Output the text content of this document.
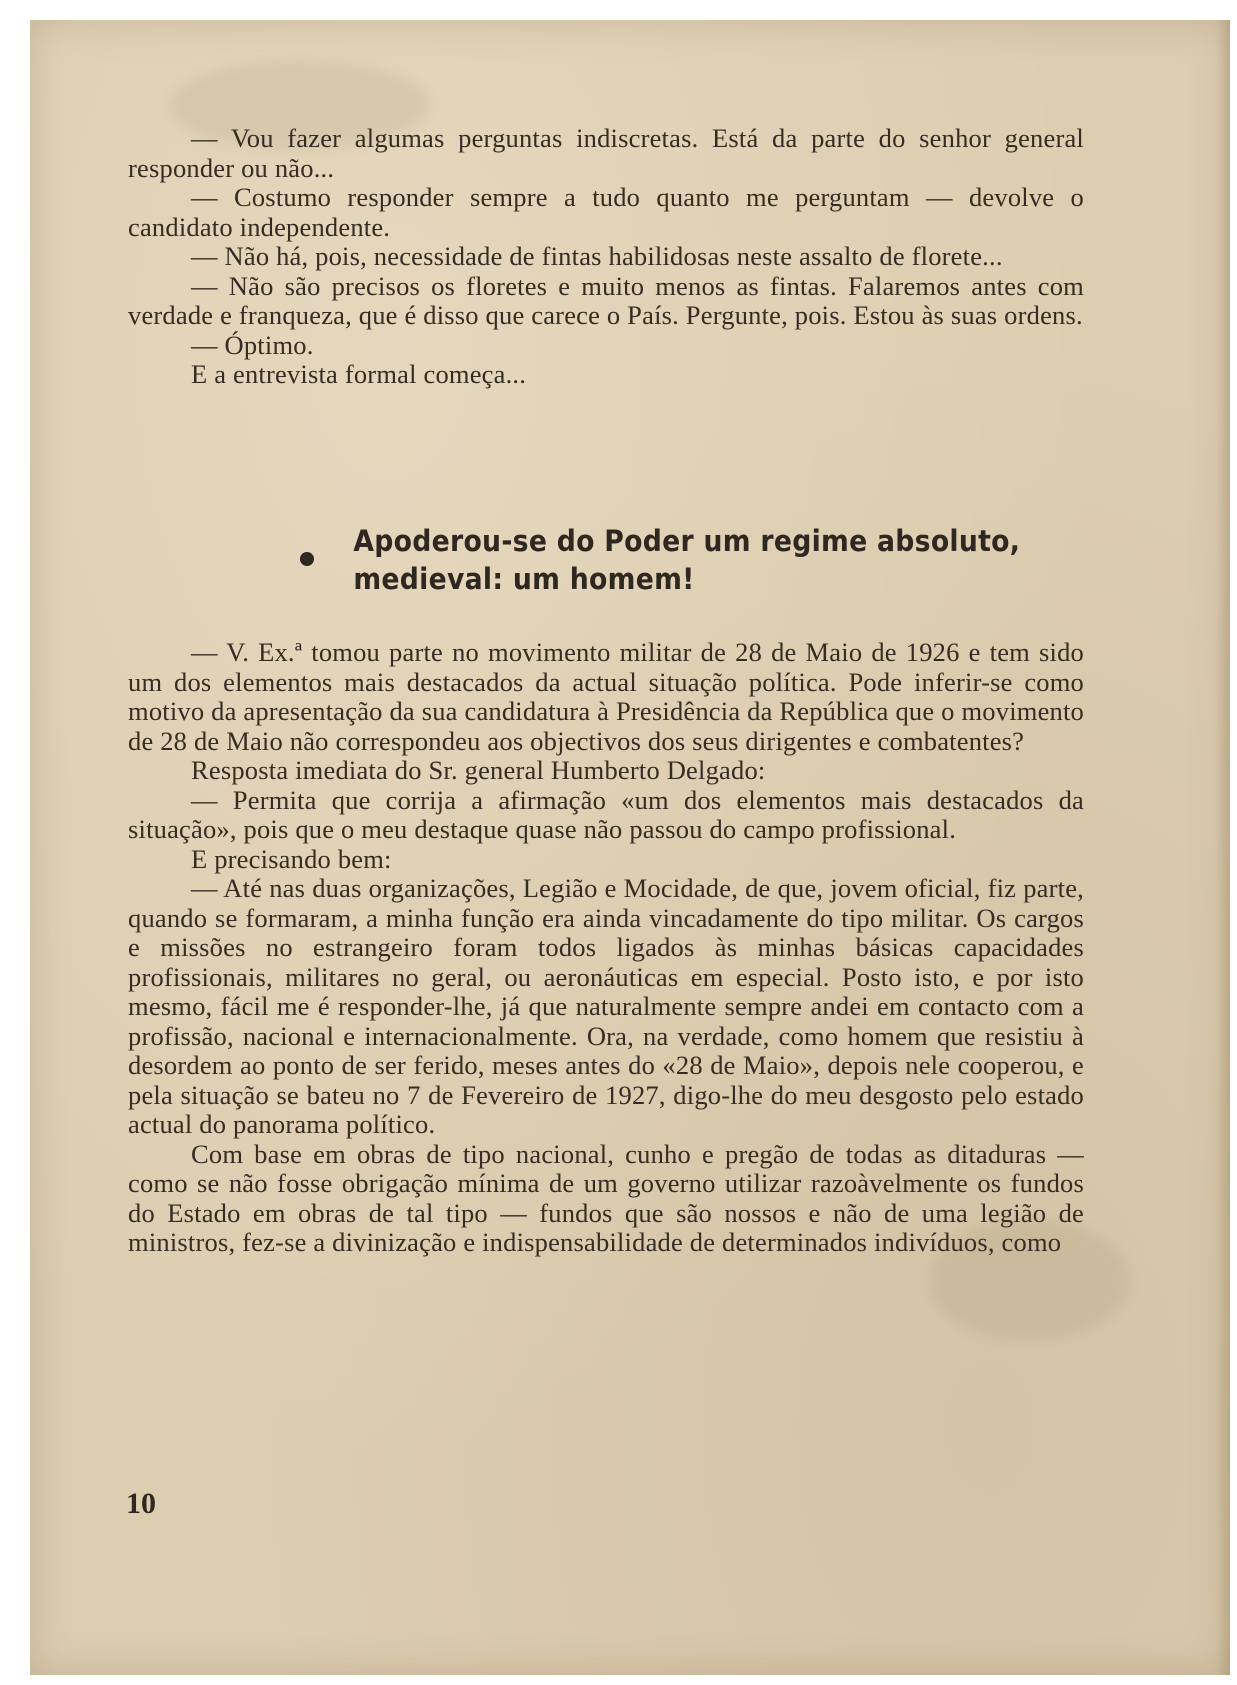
— Vou fazer algumas perguntas indiscretas. Está da parte do senhor general responder ou não...

— Costumo responder sempre a tudo quanto me perguntam — devolve o candidato independente.

— Não há, pois, necessidade de fintas habilidosas neste assalto de florete...

— Não são precisos os floretes e muito menos as fintas. Falaremos antes com verdade e franqueza, que é disso que carece o País. Pergunte, pois. Estou às suas ordens.

— Óptimo.

E a entrevista formal começa...

Apoderou-se do Poder um regime absoluto,
medieval: um homem!

— V. Ex.ª tomou parte no movimento militar de 28 de Maio de 1926 e tem sido um dos elementos mais destacados da actual situação política. Pode inferir-se como motivo da apresentação da sua candidatura à Presidência da República que o movimento de 28 de Maio não correspondeu aos objectivos dos seus dirigentes e combatentes?

Resposta imediata do Sr. general Humberto Delgado:

— Permita que corrija a afirmação «um dos elementos mais destacados da situação», pois que o meu destaque quase não passou do campo profissional.

E precisando bem:

— Até nas duas organizações, Legião e Mocidade, de que, jovem oficial, fiz parte, quando se formaram, a minha função era ainda vincadamente do tipo militar. Os cargos e missões no estrangeiro foram todos ligados às minhas básicas capacidades profissionais, militares no geral, ou aeronáuticas em especial. Posto isto, e por isto mesmo, fácil me é responder-lhe, já que naturalmente sempre andei em contacto com a profissão, nacional e internacionalmente. Ora, na verdade, como homem que resistiu à desordem ao ponto de ser ferido, meses antes do «28 de Maio», depois nele cooperou, e pela situação se bateu no 7 de Fevereiro de 1927, digo-lhe do meu desgosto pelo estado actual do panorama político.

Com base em obras de tipo nacional, cunho e pregão de todas as ditaduras — como se não fosse obrigação mínima de um governo utilizar razoàvelmente os fundos do Estado em obras de tal tipo — fundos que são nossos e não de uma legião de ministros, fez-se a divinização e indispensabilidade de determinados indivíduos, como

10
